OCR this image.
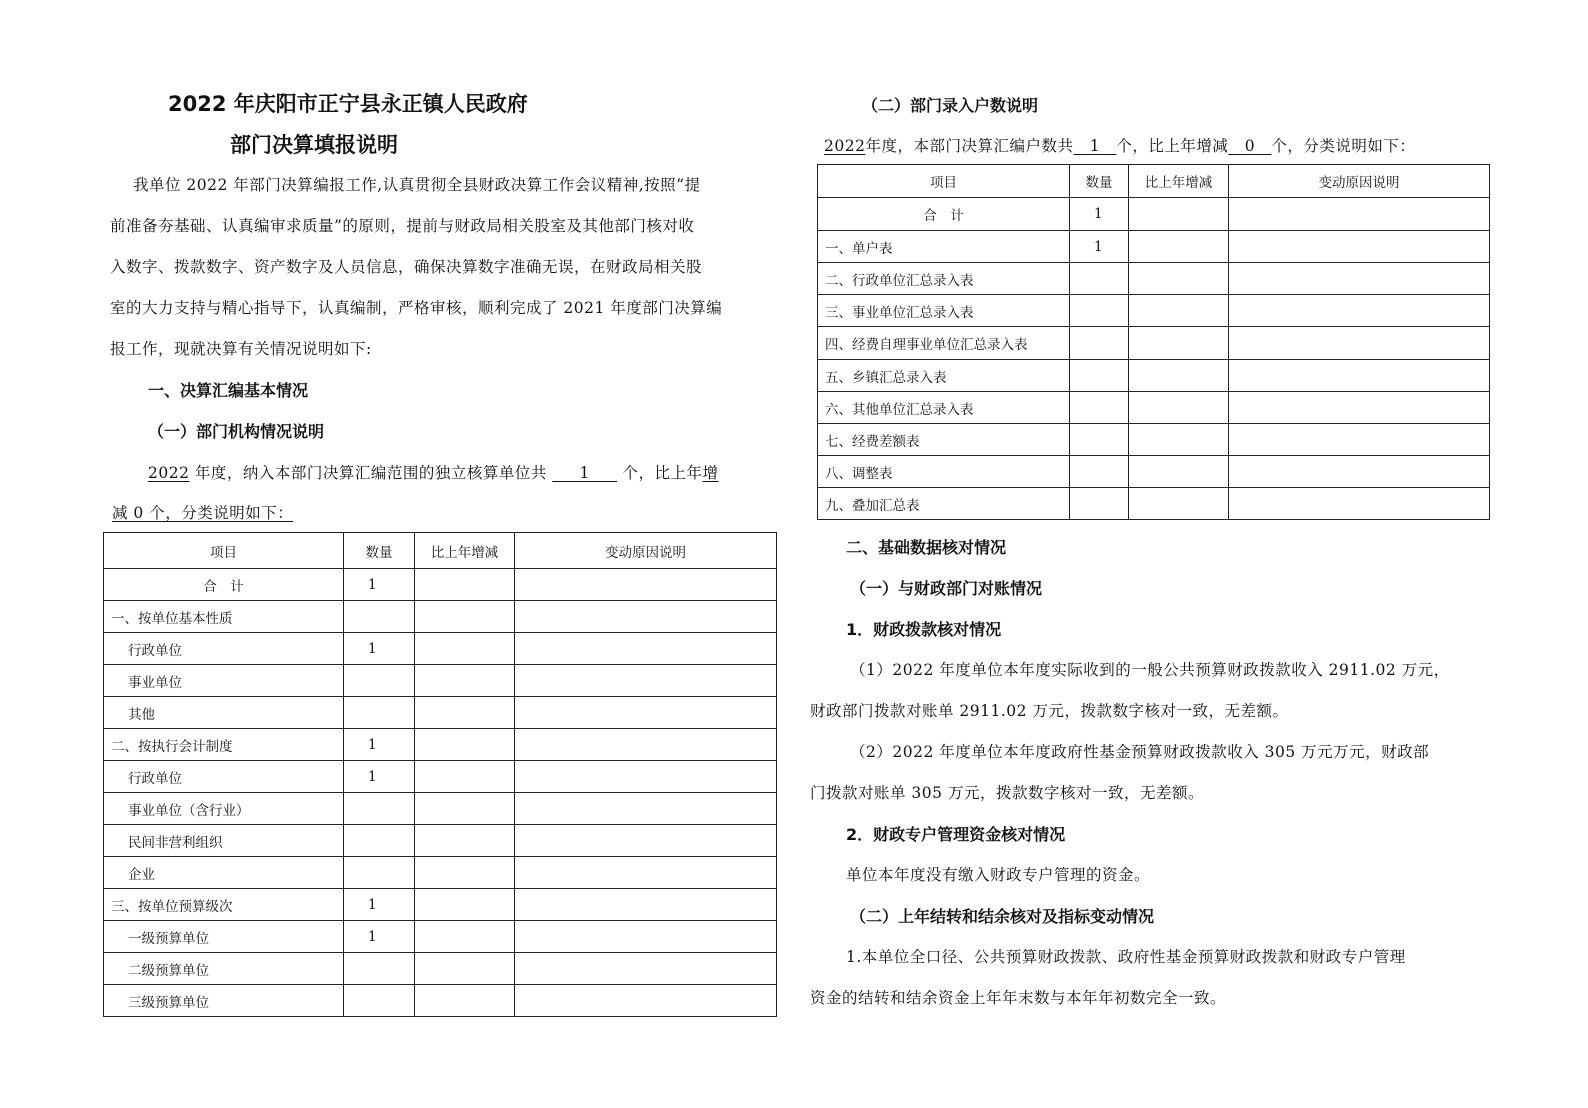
2022 年庆阳市正宁县永正镇人民政府
部门决算填报说明
我单位 2022 年部门决算编报工作,认真贯彻全县财政决算工作会议精神,按照“提
前准备夯基础、认真编审求质量”的原则，提前与财政局相关股室及其他部门核对收
入数字、拨款数字、资产数字及人员信息，确保决算数字准确无误，在财政局相关股
室的大力支持与精心指导下，认真编制，严格审核，顺利完成了 2021 年度部门决算编
报工作，现就决算有关情况说明如下:
一、决算汇编基本情况
（一）部门机构情况说明
2022 年度，纳入本部门决算汇编范围的独立核算单位共 1 个，比上年增
减 0 个，分类说明如下：
项目	数量	比上年增减	变动原因说明
合　计	1		
一、按单位基本性质			
行政单位	1		
事业单位			
其他			
二、按执行会计制度	1		
行政单位	1		
事业单位（含行业）			
民间非营利组织			
企业			
三、按单位预算级次	1		
一级预算单位	1		
二级预算单位			
三级预算单位			
（二）部门录入户数说明
2022年度，本部门决算汇编户数共 1 个，比上年增减 0 个，分类说明如下：
项目	数量	比上年增减	变动原因说明
合　计	1		
一、单户表	1		
二、行政单位汇总录入表			
三、事业单位汇总录入表			
四、经费自理事业单位汇总录入表			
五、乡镇汇总录入表			
六、其他单位汇总录入表			
七、经费差额表			
八、调整表			
九、叠加汇总表			
二、基础数据核对情况
（一）与财政部门对账情况
1．财政拨款核对情况
（1）2022 年度单位本年度实际收到的一般公共预算财政拨款收入 2911.02 万元，
财政部门拨款对账单 2911.02 万元，拨款数字核对一致，无差额。
（2）2022 年度单位本年度政府性基金预算财政拨款收入 305 万元万元，财政部
门拨款对账单 305 万元，拨款数字核对一致，无差额。
2．财政专户管理资金核对情况
单位本年度没有缴入财政专户管理的资金。
（二）上年结转和结余核对及指标变动情况
1.本单位全口径、公共预算财政拨款、政府性基金预算财政拨款和财政专户管理
资金的结转和结余资金上年年末数与本年年初数完全一致。
